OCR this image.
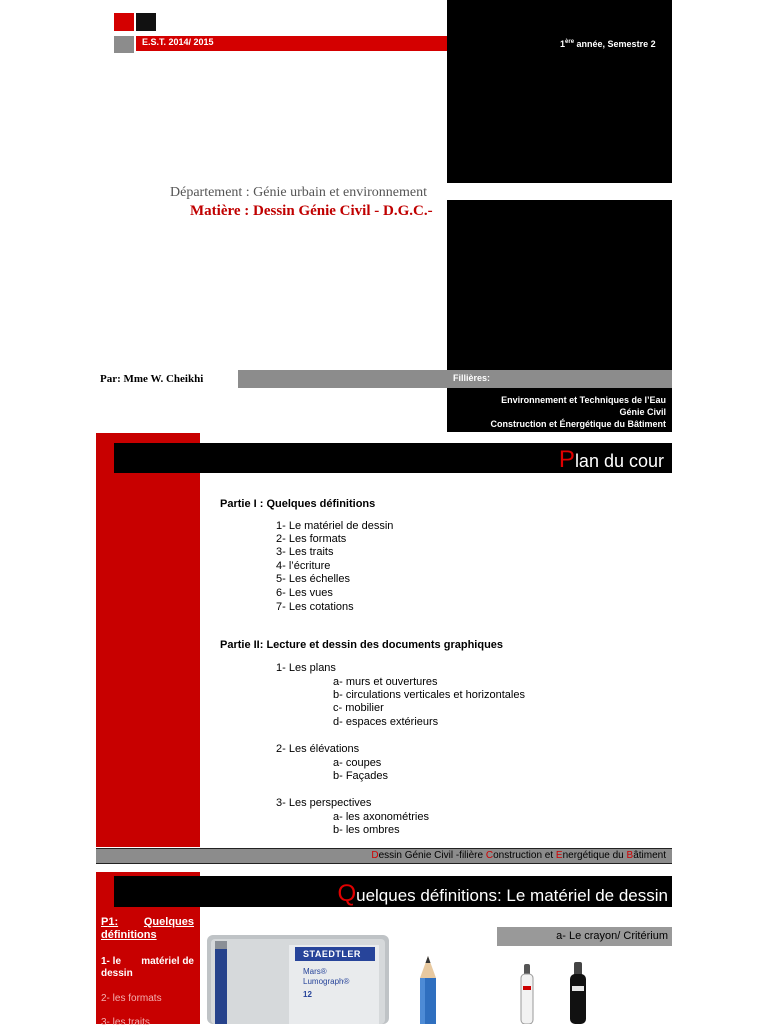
E.S.T. 2014/ 2015	1ère année, Semestre 2
Département : Génie urbain et environnement
Matière : Dessin Génie Civil - D.G.C.-
Par: Mme W. Cheikhi	Fillières:
Environnement et Techniques de l’Eau
Génie Civil
Construction et Énergétique du Bâtiment
Plan du cour
Partie I : Quelques définitions
1- Le matériel de dessin
2- Les formats
3- Les traits
4- l’écriture
5- Les échelles
6- Les vues
7- Les cotations
Partie II: Lecture et dessin des documents graphiques
1- Les plans
a- murs et ouvertures
b- circulations verticales et horizontales
c- mobilier
d- espaces extérieurs
2- Les élévations
a- coupes
b- Façades
3- Les perspectives
a- les axonométries
b- les ombres
Dessin Génie Civil -filière Construction et Energétique du Bâtiment
Quelques définitions: Le matériel de dessin
P1: Quelques
définitions
1- le matériel de
dessin
2- les formats
3- les traits
a- Le crayon/ Critérium
STAEDTLER
Mars®
Lumograph®
12
